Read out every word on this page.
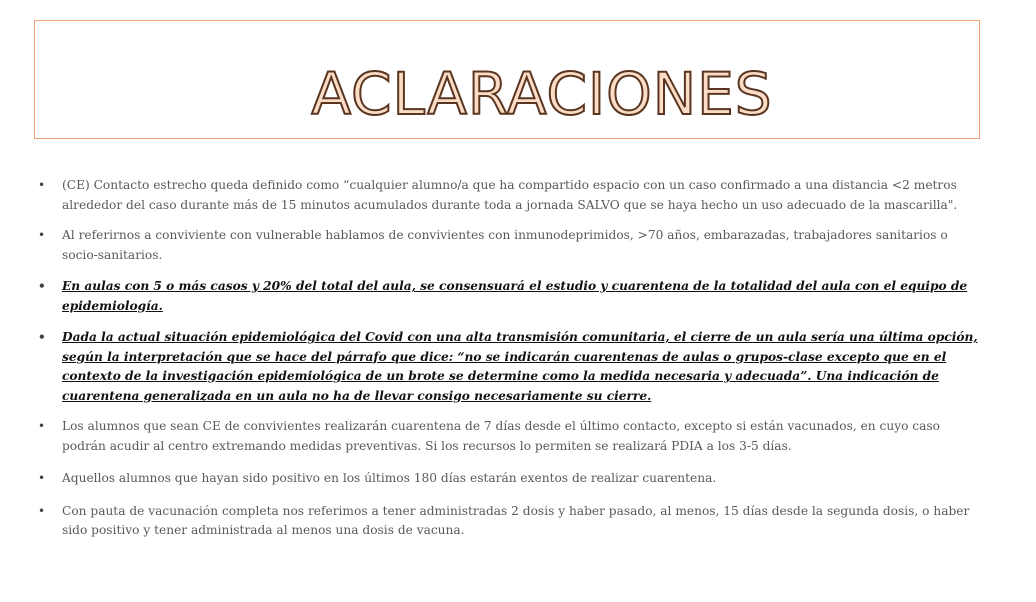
ACLARACIONES
• (CE) Contacto estrecho queda definido como “cualquier alumno/a que ha compartido espacio con un caso confirmado a una distancia <2 metros alrededor del caso durante más de 15 minutos acumulados durante toda a jornada SALVO que se haya hecho un uso adecuado de la mascarilla".
• Al referirnos a conviviente con vulnerable hablamos de convivientes con inmunodeprimidos, >70 años, embarazadas, trabajadores sanitarios o socio-sanitarios.
• En aulas con 5 o más casos y 20% del total del aula, se consensuará el estudio y cuarentena de la totalidad del aula con el equipo de epidemiología.
• Dada la actual situación epidemiológica del Covid con una alta transmisión comunitaria, el cierre de un aula sería una última opción, según la interpretación que se hace del párrafo que dice: “no se indicarán cuarentenas de aulas o grupos-clase excepto que en el contexto de la investigación epidemiológica de un brote se determine como la medida necesaria y adecuada”. Una indicación de cuarentena generalizada en un aula no ha de llevar consigo necesariamente su cierre.
• Los alumnos que sean CE de convivientes realizarán cuarentena de 7 días desde el último contacto, excepto si están vacunados, en cuyo caso podrán acudir al centro extremando medidas preventivas. Si los recursos lo permiten se realizará PDIA a los 3-5 días.
• Aquellos alumnos que hayan sido positivo en los últimos 180 días estarán exentos de realizar cuarentena.
• Con pauta de vacunación completa nos referimos a tener administradas 2 dosis y haber pasado, al menos, 15 días desde la segunda dosis, o haber sido positivo y tener administrada al menos una dosis de vacuna.
